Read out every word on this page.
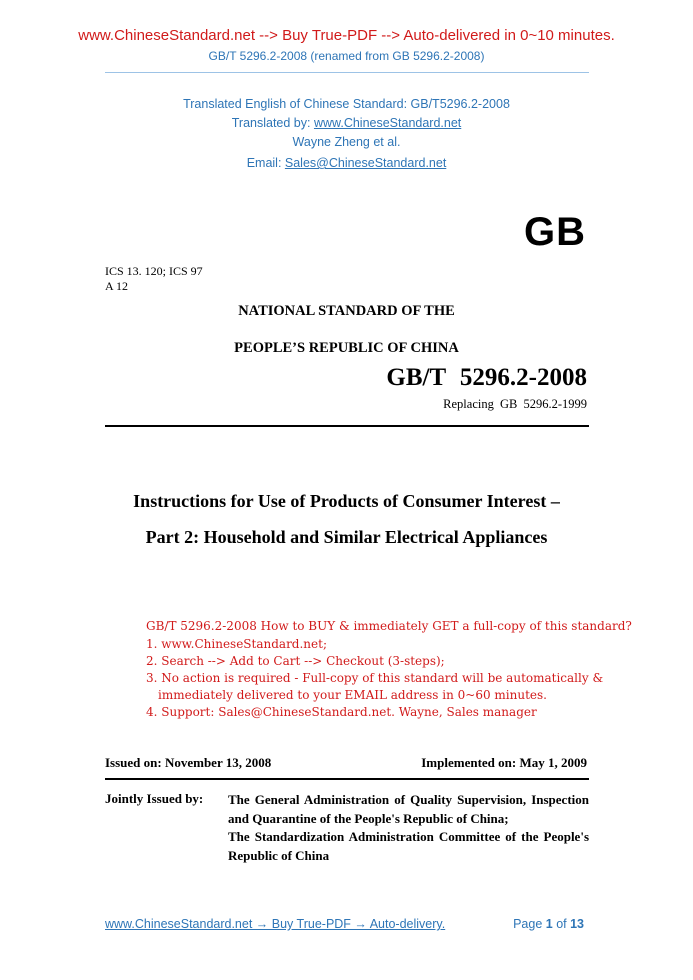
www.ChineseStandard.net --> Buy True-PDF --> Auto-delivered in 0~10 minutes.
GB/T 5296.2-2008 (renamed from GB 5296.2-2008)
Translated English of Chinese Standard: GB/T5296.2-2008
Translated by: www.ChineseStandard.net
Wayne Zheng et al.
Email: Sales@ChineseStandard.net
GB
ICS 13. 120; ICS 97
A 12
NATIONAL STANDARD OF THE
PEOPLE’S REPUBLIC OF CHINA
GB/T 5296.2-2008
Replacing GB 5296.2-1999
Instructions for Use of Products of Consumer Interest –
Part 2: Household and Similar Electrical Appliances
GB/T 5296.2-2008 How to BUY & immediately GET a full-copy of this standard?
1. www.ChineseStandard.net;
2. Search --> Add to Cart --> Checkout (3-steps);
3. No action is required - Full-copy of this standard will be automatically &
immediately delivered to your EMAIL address in 0~60 minutes.
4. Support: Sales@ChineseStandard.net. Wayne, Sales manager
Issued on: November 13, 2008	Implemented on: May 1, 2009
Jointly Issued by: The General Administration of Quality Supervision, Inspection and Quarantine of the People's Republic of China;

The Standardization Administration Committee of the People's Republic of China

www.ChineseStandard.net → Buy True-PDF → Auto-delivery.	Page 1 of 13
